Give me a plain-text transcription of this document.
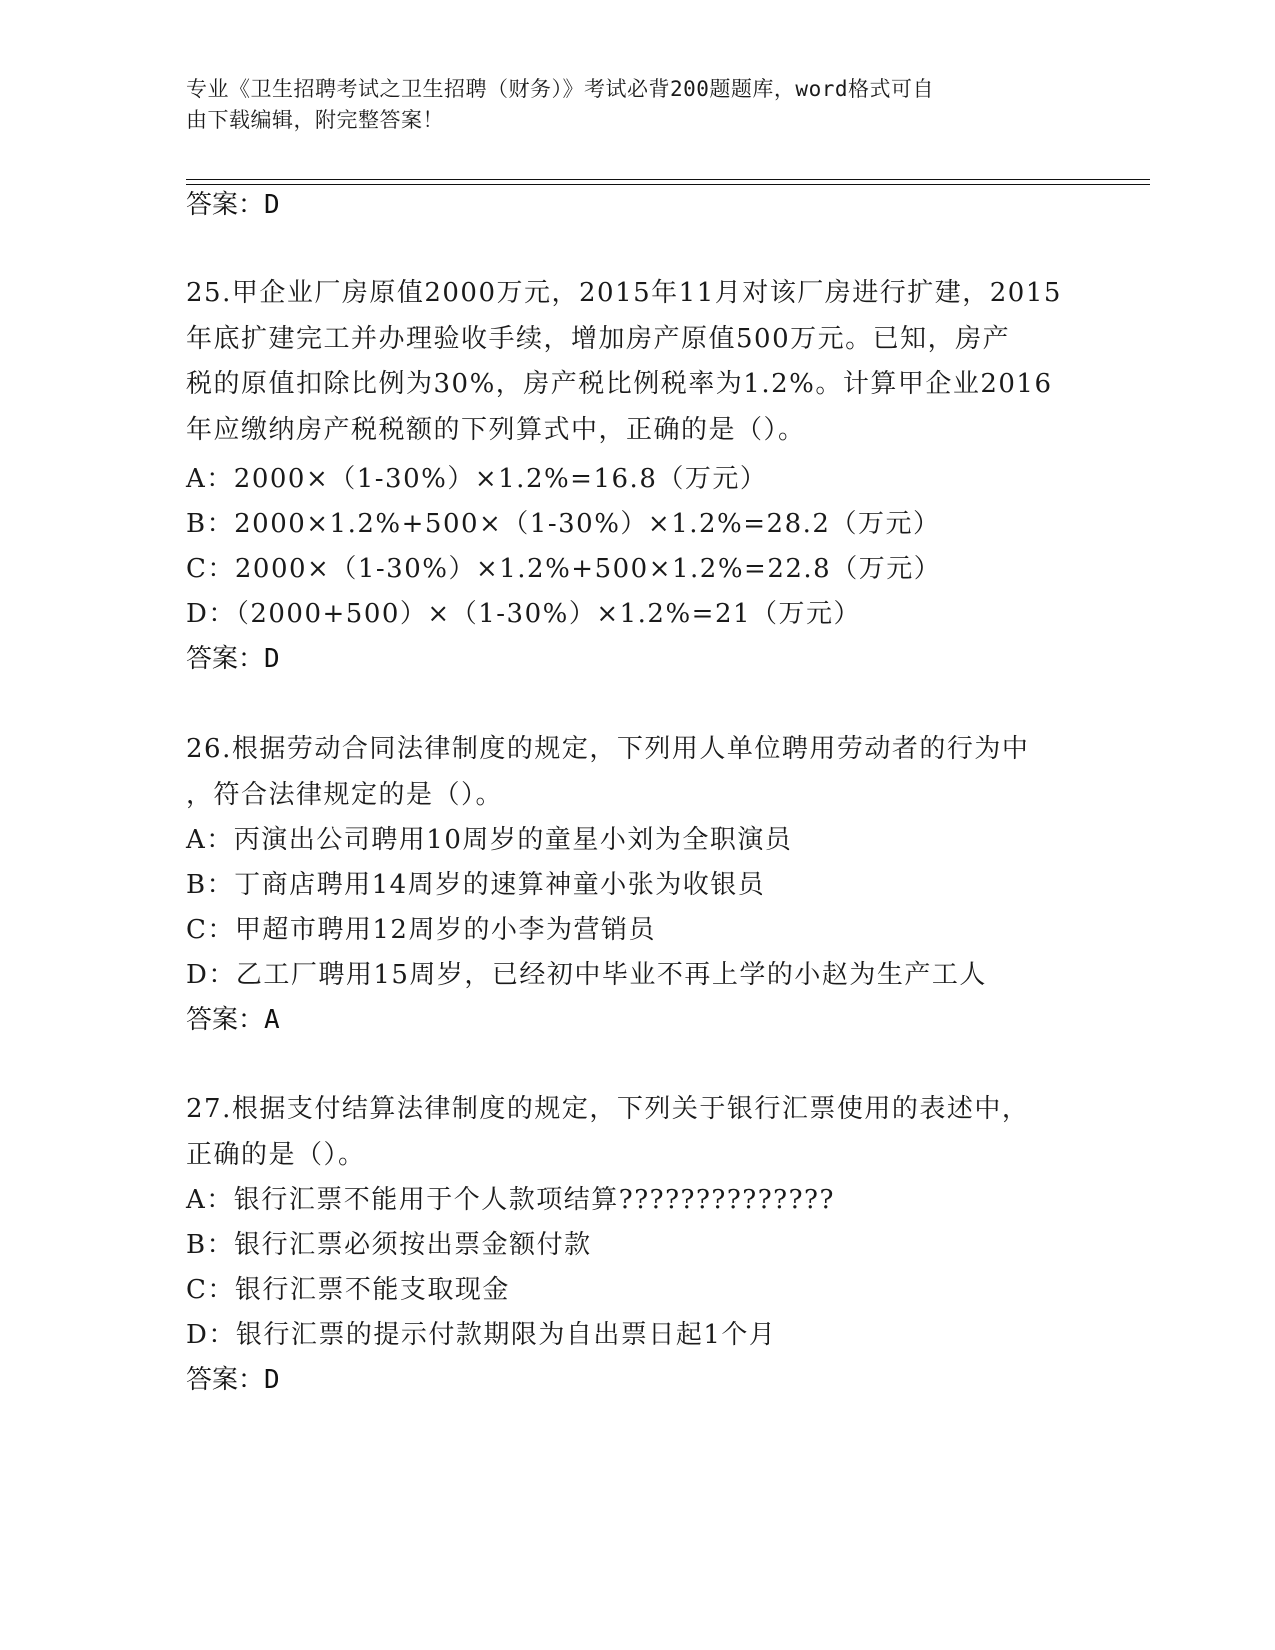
专业《卫生招聘考试之卫生招聘（财务）》考试必背200题题库，word格式可自
由下载编辑，附完整答案！
答案：D
25.甲企业厂房原值2000万元，2015年11月对该厂房进行扩建，2015
年底扩建完工并办理验收手续，增加房产原值500万元。已知，房产
税的原值扣除比例为30%，房产税比例税率为1.2%。计算甲企业2016
年应缴纳房产税税额的下列算式中，正确的是（）。
A：2000×（1-30%）×1.2%=16.8（万元）
B：2000×1.2%+500×（1-30%）×1.2%=28.2（万元）
C：2000×（1-30%）×1.2%+500×1.2%=22.8（万元）
D：（2000+500）×（1-30%）×1.2%=21（万元）
答案：D
26.根据劳动合同法律制度的规定，下列用人单位聘用劳动者的行为中
，符合法律规定的是（）。
A：丙演出公司聘用10周岁的童星小刘为全职演员
B：丁商店聘用14周岁的速算神童小张为收银员
C：甲超市聘用12周岁的小李为营销员
D：乙工厂聘用15周岁，已经初中毕业不再上学的小赵为生产工人
答案：A
27.根据支付结算法律制度的规定，下列关于银行汇票使用的表述中，
正确的是（）。
A：银行汇票不能用于个人款项结算??????????????
B：银行汇票必须按出票金额付款
C：银行汇票不能支取现金
D：银行汇票的提示付款期限为自出票日起1个月
答案：D
